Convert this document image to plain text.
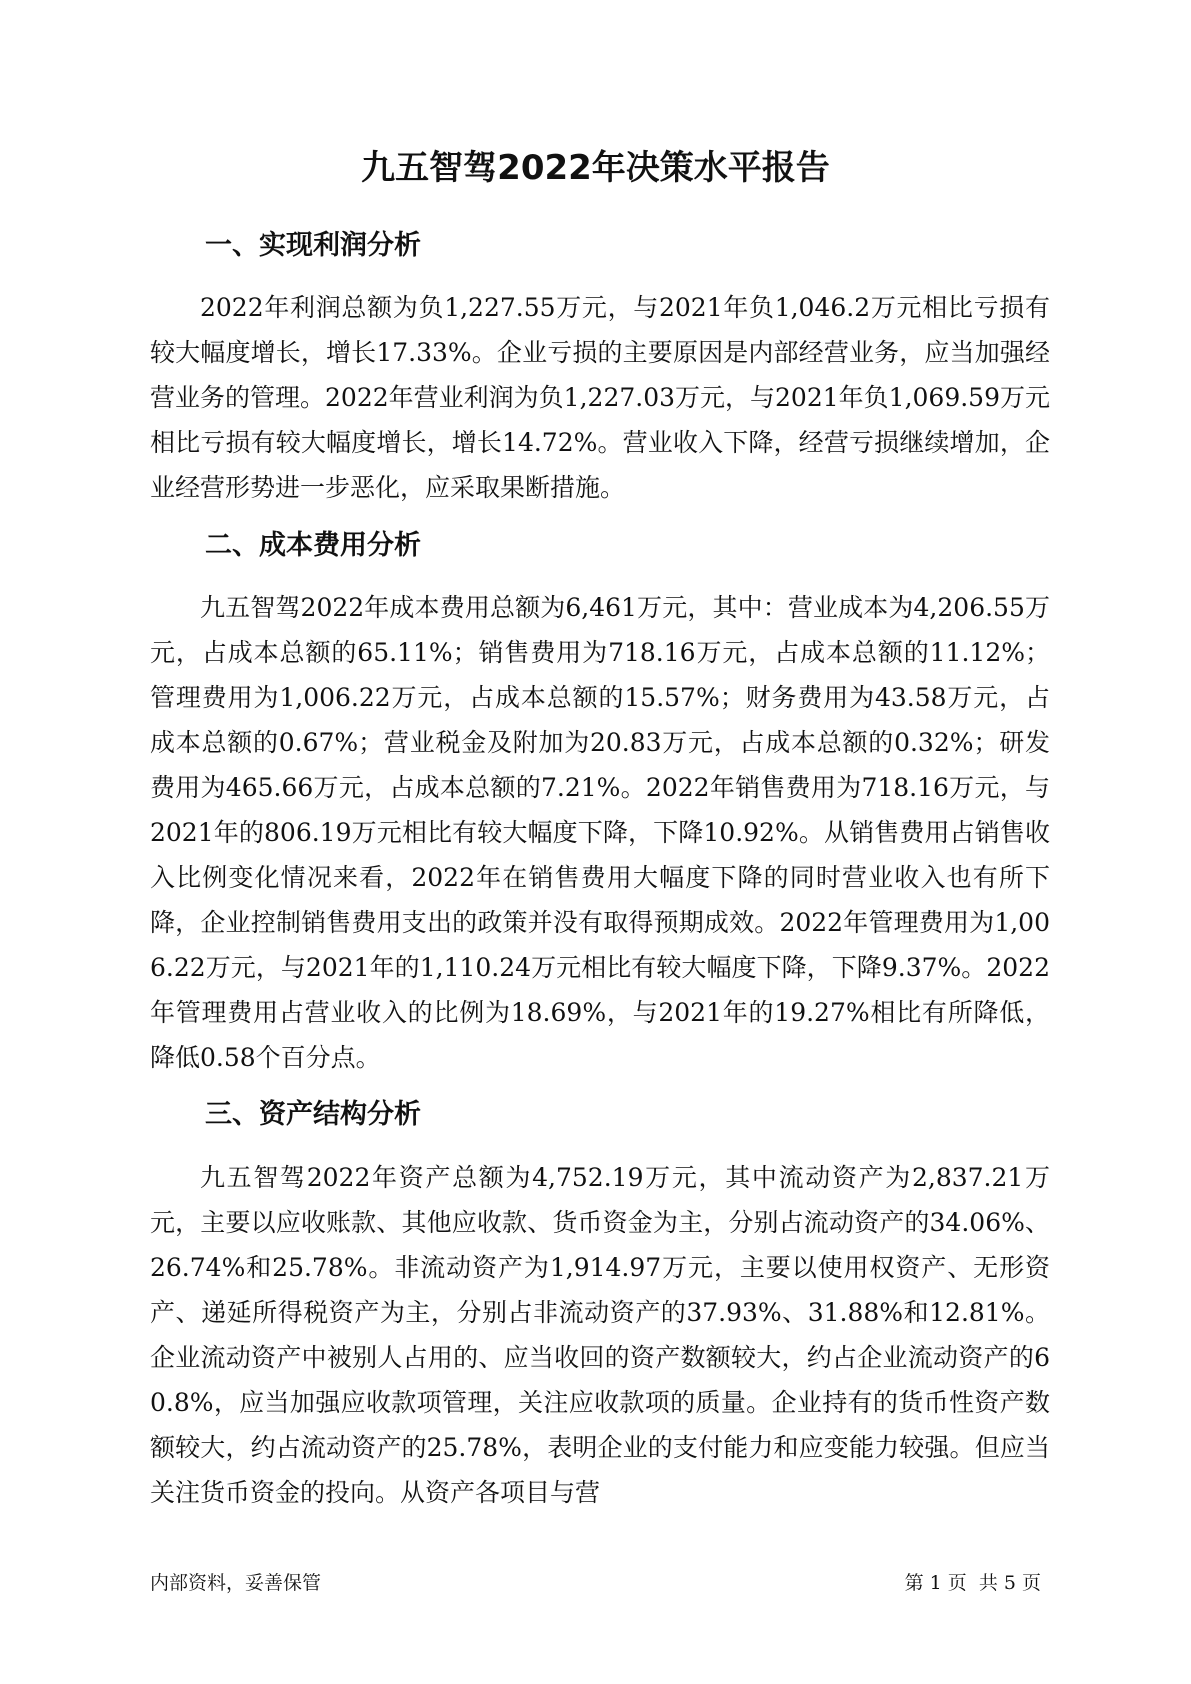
九五智驾2022年决策水平报告
一、实现利润分析

2022年利润总额为负1,227.55万元，与2021年负1,046.2万元相比亏损有较大幅度增长，增长17.33%。企业亏损的主要原因是内部经营业务，应当加强经营业务的管理。2022年营业利润为负1,227.03万元，与2021年负1,069.59万元相比亏损有较大幅度增长，增长14.72%。营业收入下降，经营亏损继续增加，企业经营形势进一步恶化，应采取果断措施。

二、成本费用分析

九五智驾2022年成本费用总额为6,461万元，其中：营业成本为4,206.55万元，占成本总额的65.11%；销售费用为718.16万元，占成本总额的11.12%；管理费用为1,006.22万元，占成本总额的15.57%；财务费用为43.58万元，占成本总额的0.67%；营业税金及附加为20.83万元，占成本总额的0.32%；研发费用为465.66万元，占成本总额的7.21%。2022年销售费用为718.16万元，与2021年的806.19万元相比有较大幅度下降，下降10.92%。从销售费用占销售收入比例变化情况来看，2022年在销售费用大幅度下降的同时营业收入也有所下降，企业控制销售费用支出的政策并没有取得预期成效。2022年管理费用为1,006.22万元，与2021年的1,110.24万元相比有较大幅度下降，下降9.37%。2022年管理费用占营业收入的比例为18.69%，与2021年的19.27%相比有所降低，降低0.58个百分点。

三、资产结构分析

九五智驾2022年资产总额为4,752.19万元，其中流动资产为2,837.21万元，主要以应收账款、其他应收款、货币资金为主，分别占流动资产的34.06%、26.74%和25.78%。非流动资产为1,914.97万元，主要以使用权资产、无形资产、递延所得税资产为主，分别占非流动资产的37.93%、31.88%和12.81%。企业流动资产中被别人占用的、应当收回的资产数额较大，约占企业流动资产的60.8%，应当加强应收款项管理，关注应收款项的质量。企业持有的货币性资产数额较大，约占流动资产的25.78%，表明企业的支付能力和应变能力较强。但应当关注货币资金的投向。从资产各项目与营

内部资料，妥善保管	第 1 页  共 5 页
